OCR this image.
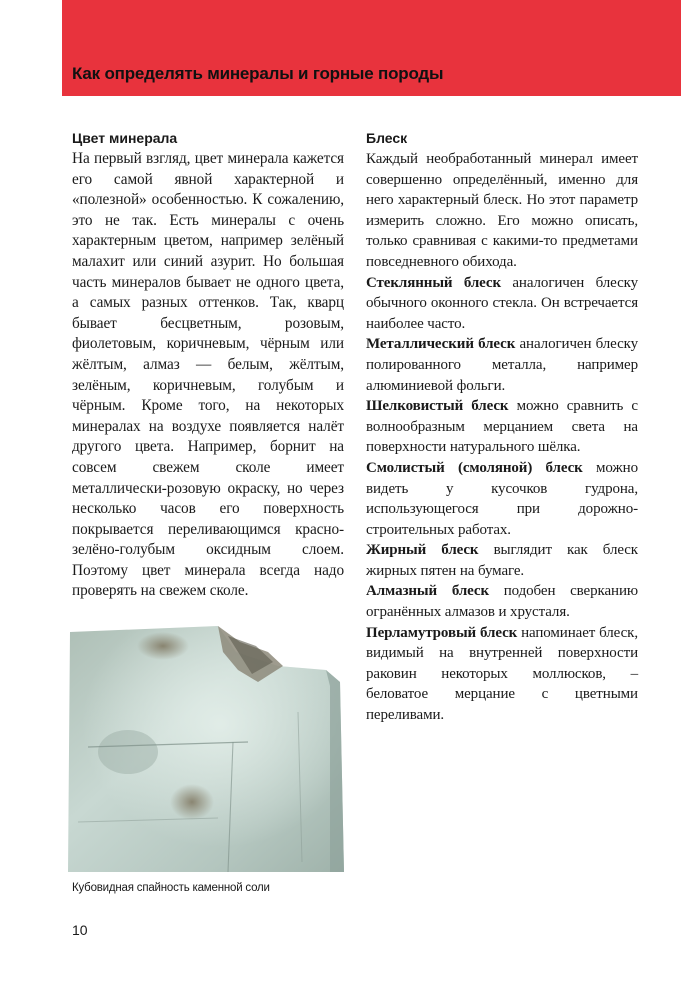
Как определять минералы и горные породы
Цвет минерала

На первый взгляд, цвет минерала кажется его самой явной характерной и «полезной» особенностью. К сожалению, это не так. Есть минералы с очень характерным цветом, например зелёный малахит или синий азурит. Но большая часть минералов бывает не одного цвета, а самых разных оттенков. Так, кварц бывает бесцветным, розовым, фиолетовым, коричневым, чёрным или жёлтым, алмаз — белым, жёлтым, зелёным, коричневым, голубым и чёрным. Кроме того, на некоторых минералах на воздухе появляется налёт другого цвета. Например, борнит на совсем свежем сколе имеет металлически-розовую окраску, но через несколько часов его поверхность покрывается переливающимся красно-зелёно-голубым оксидным слоем. Поэтому цвет минерала всегда надо проверять на свежем сколе.

Блеск

Каждый необработанный минерал имеет совершенно определённый, именно для него характерный блеск. Но этот параметр измерить сложно. Его можно описать, только сравнивая с какими-то предметами повседневного обихода.

Стеклянный блеск аналогичен блеску обычного оконного стекла. Он встречается наиболее часто.

Металлический блеск аналогичен блеску полированного металла, например алюминиевой фольги.

Шелковистый блеск можно сравнить с волнообразным мерцанием света на поверхности натурального шёлка.

Смолистый (смоляной) блеск можно видеть у кусочков гудрона, использующегося при дорожно-строительных работах.

Жирный блеск выглядит как блеск жирных пятен на бумаге.

Алмазный блеск подобен сверканию огранённых алмазов и хрусталя.

Перламутровый блеск напоминает блеск, видимый на внутренней поверхности раковин некоторых моллюсков, – беловатое мерцание с цветными переливами.

Кубовидная спайность каменной соли
10
